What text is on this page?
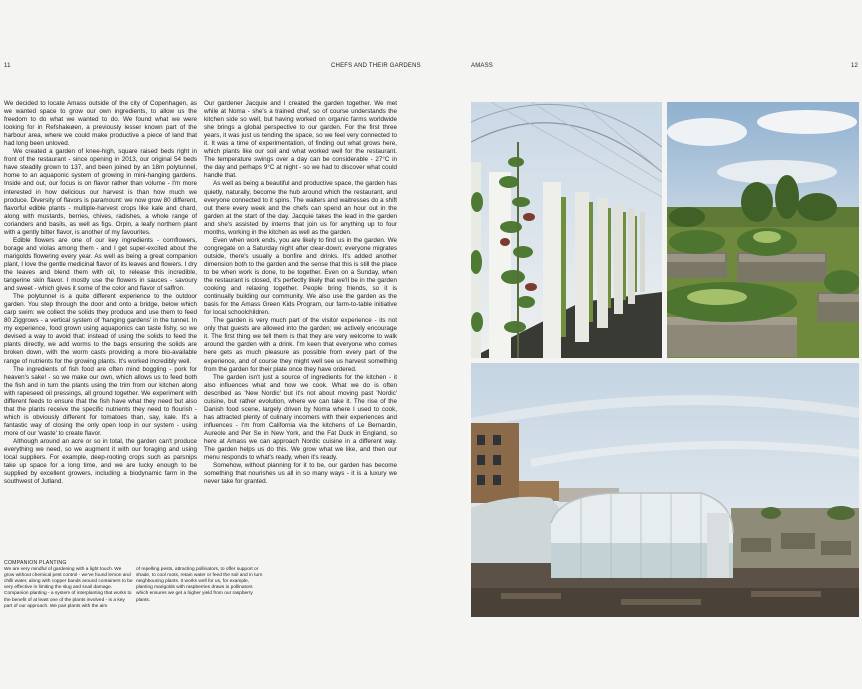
11	CHEFS AND THEIR GARDENS	AMASS	12

We decided to locate Amass outside of the city of Copenhagen, as we wanted space to grow our own ingredients, to allow us the freedom to do what we wanted to do. We found what we were looking for in Refshaleøen, a previously lesser known part of the harbour area, where we could make productive a piece of land that had long been unloved.

We created a garden of knee-high, square raised beds right in front of the restaurant - since opening in 2013, our original 54 beds have steadily grown to 137, and been joined by an 18m polytunnel, home to an aquaponic system of growing in mini-hanging gardens. Inside and out, our focus is on flavor rather than volume - I'm more interested in how delicious our harvest is than how much we produce. Diversity of flavors is paramount: we now grow 80 different, flavorful edible plants - multiple-harvest crops like kale and chard, along with mustards, berries, chives, radishes, a whole range of corianders and basils, as well as figs. Orpin, a leafy northern plant with a gently bitter flavor, is another of my favourites.

Edible flowers are one of our key ingredients - cornflowers, borage and violas among them - and I get super-excited about the marigolds flowering every year. As well as being a great companion plant, I love the gentle medicinal flavor of its leaves and flowers. I dry the leaves and blend them with oil, to release this incredible, tangerine skin flavor. I mostly use the flowers in sauces - savoury and sweet - which gives it some of the color and flavor of saffron.

The polytunnel is a quite different experience to the outdoor garden. You step through the door and onto a bridge, below which carp swim: we collect the solids they produce and use them to feed 80 Ziggrows - a vertical system of 'hanging gardens' in the tunnel. In my experience, food grown using aquaponics can taste fishy, so we devised a way to avoid that: instead of using the solids to feed the plants directly, we add worms to the bags ensuring the solids are broken down, with the worm casts providing a more bio-available range of nutrients for the growing plants. It's worked incredibly well.

The ingredients of fish food are often mind boggling - pork for heaven's sake! - so we make our own, which allows us to feed both the fish and in turn the plants using the trim from our kitchen along with rapeseed oil pressings, all ground together. We experiment with different feeds to ensure that the fish have what they need but also that the plants receive the specific nutrients they need to flourish - which is obviously different for tomatoes than, say, kale. It's a fantastic way of closing the only open loop in our system - using more of our 'waste' to create flavor.

Although around an acre or so in total, the garden can't produce everything we need, so we augment it with our foraging and using local suppliers. For example, deep-rooting crops such as parsnips take up space for a long time, and we are lucky enough to be supplied by excellent growers, including a biodynamic farm in the southwest of Jutland.

Our gardener Jacquie and I created the garden together. We met while at Noma - she's a trained chef, so of course understands the kitchen side so well, but having worked on organic farms worldwide she brings a global perspective to our garden. For the first three years, it was just us tending the space, so we feel very connected to it. It was a time of experimentation, of finding out what grows here, which plants like our soil and what worked well for the restaurant. The temperature swings over a day can be considerable - 27°C in the day and perhaps 9°C at night - so we had to discover what could handle that.

As well as being a beautiful and productive space, the garden has quietly, naturally, become the hub around which the restaurant, and everyone connected to it spins. The waiters and waitresses do a shift out there every week and the chefs can spend an hour out in the garden at the start of the day. Jacquie takes the lead in the garden and she's assisted by interns that join us for anything up to four months, working in the kitchen as well as the garden.

Even when work ends, you are likely to find us in the garden. We congregate on a Saturday night after clear-down; everyone migrates outside, there's usually a bonfire and drinks. It's added another dimension both to the garden and the sense that this is still the place to be when work is done, to be together. Even on a Sunday, when the restaurant is closed, it's perfectly likely that we'll be in the garden cooking and relaxing together. People bring friends, so it is continually building our community. We also use the garden as the basis for the Amass Green Kids Program, our farm-to-table initiative for local schoolchildren.

The garden is very much part of the visitor experience - its not only that guests are allowed into the garden; we actively encourage it. The first thing we tell them is that they are very welcome to walk around the garden with a drink. I'm keen that everyone who comes here gets as much pleasure as possible from every part of the experience, and of course they might well see us harvest something from the garden for their plate once they have ordered.

The garden isn't just a source of ingredients for the kitchen - it also influences what and how we cook. What we do is often described as 'New Nordic' but it's not about moving past 'Nordic' cuisine, but rather evolution, where we can take it. The rise of the Danish food scene, largely driven by Noma where I used to cook, has attracted plenty of culinary incomers with their experiences and influences - I'm from California via the kitchens of Le Bernardin, Aureole and Per Se in New York, and the Fat Duck in England, so here at Amass we can approach Nordic cuisine in a different way. The garden helps us do this. We grow what we like, and then our menu responds to what's ready, when it's ready.

Somehow, without planning for it to be, our garden has become something that nourishes us all in so many ways - it is a luxury we never take for granted.

COMPANION PLANTING

We are very mindful of gardening with a light touch. We grow without chemical pest control - we've found lemon and chilli water, along with copper bands around containers to be very effective in limiting the slug and snail damage. Companion planting - a system of interplanting that works to the benefit of at least one of the plants involved - is a key part of our approach. We pair plants with the aim

of repelling pests, attracting pollinators, to offer support or shade, to cool roots, retain water or feed the soil and in turn neighbouring plants. It works well for us, for example, planting marigolds with raspberries draws in pollinators which ensures we get a higher yield from our raspberry plants.
